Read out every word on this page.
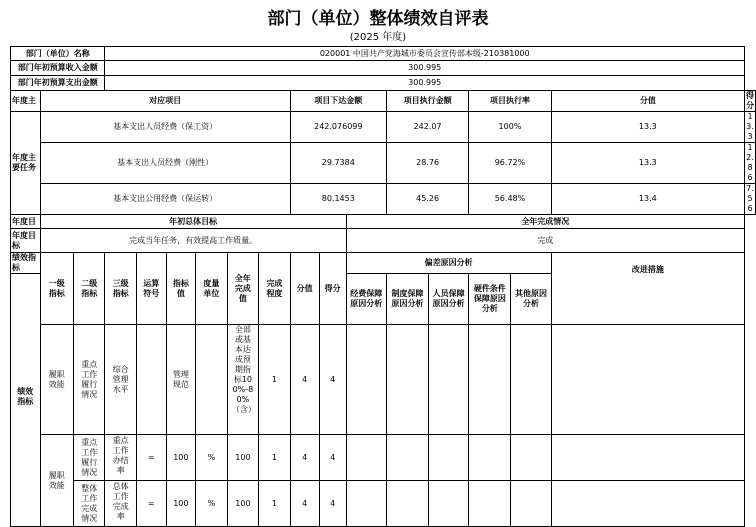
部门（单位）整体绩效自评表
(2025 年度)
部门（单位）名称			020001 中国共产党海城市委员会宣传部本级-210381000														
部门年初预算收入金额			300.995														
部门年初预算支出金额			300.995														
年度主	对应项目								项目下达金额			项目执行金额		项目执行率		分值	得分
年度主要任务	基本支出人员经费（保工资）								242.076099			242.07		100%		13.3	13.3
	基本支出人员经费（刚性）								29.7384			28.76		96.72%		13.3	12.86
	基本支出公用经费（保运转）								80.1453			45.26		56.48%		13.4	7.56
年度目	年初总体目标										全年完成情况						
年度目标	完成当年任务，有效提高工作质量。										完成						
绩效指标	一级指标	二级指标	三级指标	运算符号	指标值	度量单位	全年完成值	完成程度	分值	得分	偏差原因分析					改进措施	
											经费保障原因分析	制度保障原因分析	人员保障原因分析	硬件条件保障原因分析	其他原因分析		

绩效指标	履职效能	重点工作履行情况	综合管理水平		管理规范		全部或基本达成预期指标100%-80%（含）	1	4	4							

	履职效能	重点工作履行情况	重点工作办结率	=	100	%	100	1	4	4							

		整体工作完成情况	总体工作完成率	=	100	%	100	1	4	4							
